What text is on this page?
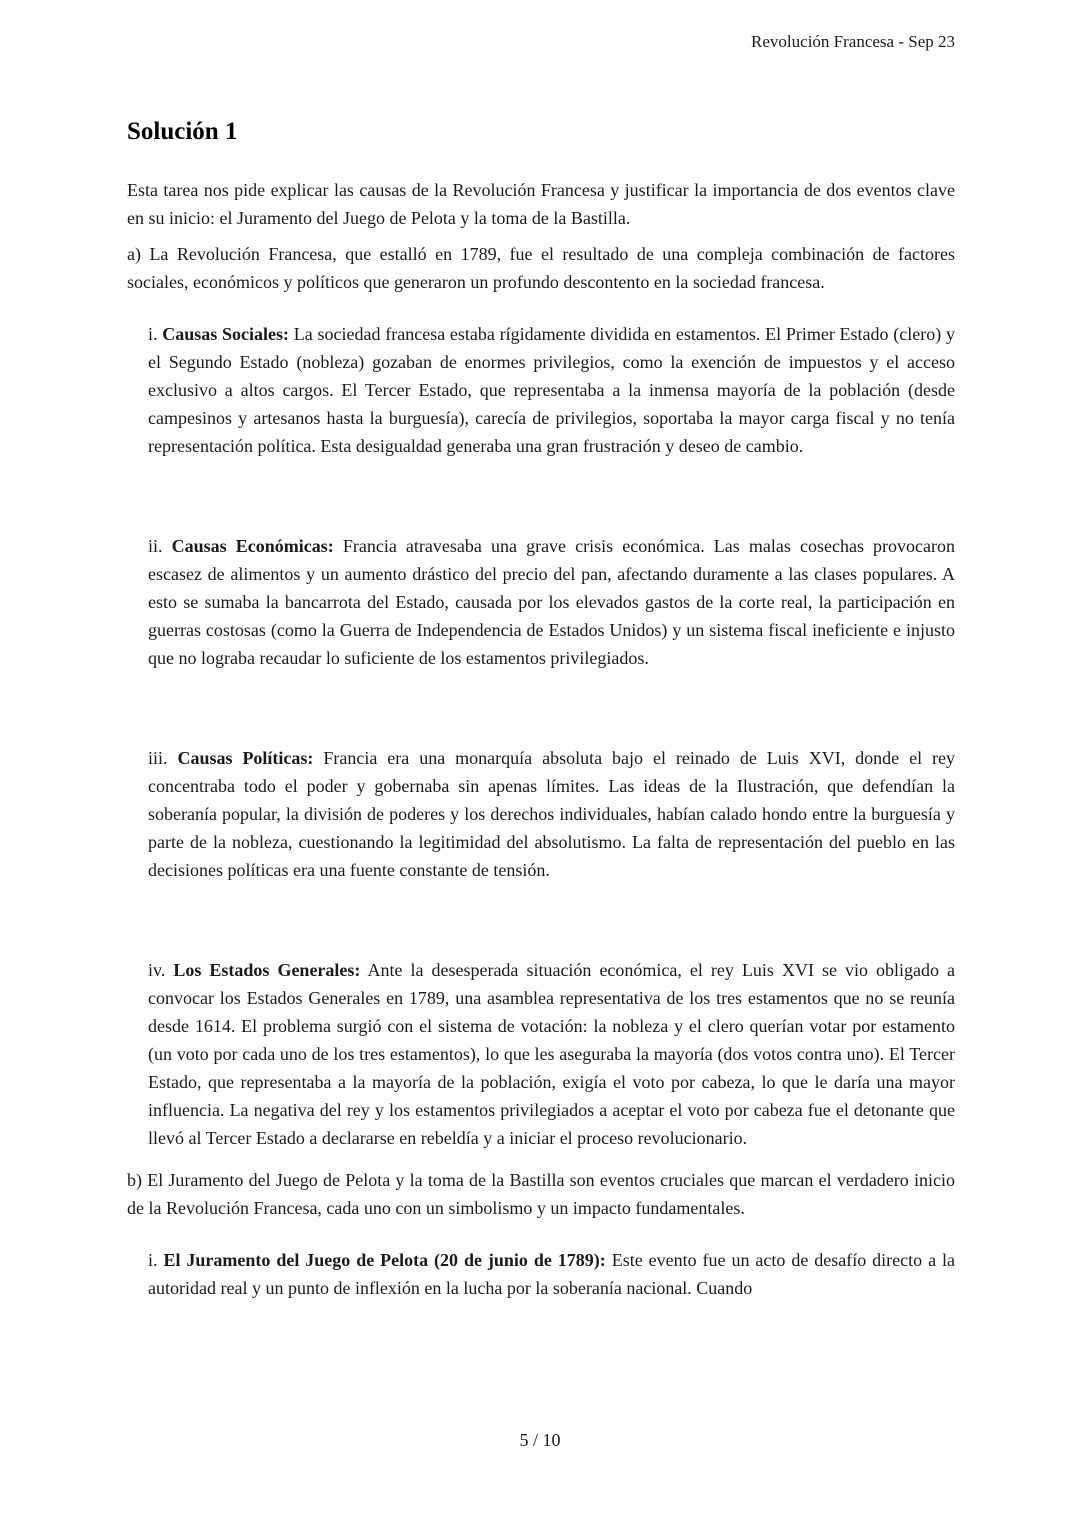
Revolución Francesa - Sep 23
Solución 1

Esta tarea nos pide explicar las causas de la Revolución Francesa y justificar la importancia de dos eventos clave en su inicio: el Juramento del Juego de Pelota y la toma de la Bastilla.

a) La Revolución Francesa, que estalló en 1789, fue el resultado de una compleja combinación de factores sociales, económicos y políticos que generaron un profundo descontento en la sociedad francesa.

i. Causas Sociales: La sociedad francesa estaba rígidamente dividida en estamentos. El Primer Estado (clero) y el Segundo Estado (nobleza) gozaban de enormes privilegios, como la exención de impuestos y el acceso exclusivo a altos cargos. El Tercer Estado, que representaba a la inmensa mayoría de la población (desde campesinos y artesanos hasta la burguesía), carecía de privilegios, soportaba la mayor carga fiscal y no tenía representación política. Esta desigualdad generaba una gran frustración y deseo de cambio.
ii. Causas Económicas: Francia atravesaba una grave crisis económica. Las malas cosechas provocaron escasez de alimentos y un aumento drástico del precio del pan, afectando duramente a las clases populares. A esto se sumaba la bancarrota del Estado, causada por los elevados gastos de la corte real, la participación en guerras costosas (como la Guerra de Independencia de Estados Unidos) y un sistema fiscal ineficiente e injusto que no lograba recaudar lo suficiente de los estamentos privilegiados.
iii. Causas Políticas: Francia era una monarquía absoluta bajo el reinado de Luis XVI, donde el rey concentraba todo el poder y gobernaba sin apenas límites. Las ideas de la Ilustración, que defendían la soberanía popular, la división de poderes y los derechos individuales, habían calado hondo entre la burguesía y parte de la nobleza, cuestionando la legitimidad del absolutismo. La falta de representación del pueblo en las decisiones políticas era una fuente constante de tensión.
iv. Los Estados Generales: Ante la desesperada situación económica, el rey Luis XVI se vio obligado a convocar los Estados Generales en 1789, una asamblea representativa de los tres estamentos que no se reunía desde 1614. El problema surgió con el sistema de votación: la nobleza y el clero querían votar por estamento (un voto por cada uno de los tres estamentos), lo que les aseguraba la mayoría (dos votos contra uno). El Tercer Estado, que representaba a la mayoría de la población, exigía el voto por cabeza, lo que le daría una mayor influencia. La negativa del rey y los estamentos privilegiados a aceptar el voto por cabeza fue el detonante que llevó al Tercer Estado a declararse en rebeldía y a iniciar el proceso revolucionario.

b) El Juramento del Juego de Pelota y la toma de la Bastilla son eventos cruciales que marcan el verdadero inicio de la Revolución Francesa, cada uno con un simbolismo y un impacto fundamentales.

i. El Juramento del Juego de Pelota (20 de junio de 1789): Este evento fue un acto de desafío directo a la autoridad real y un punto de inflexión en la lucha por la soberanía nacional. Cuando
5 / 10
